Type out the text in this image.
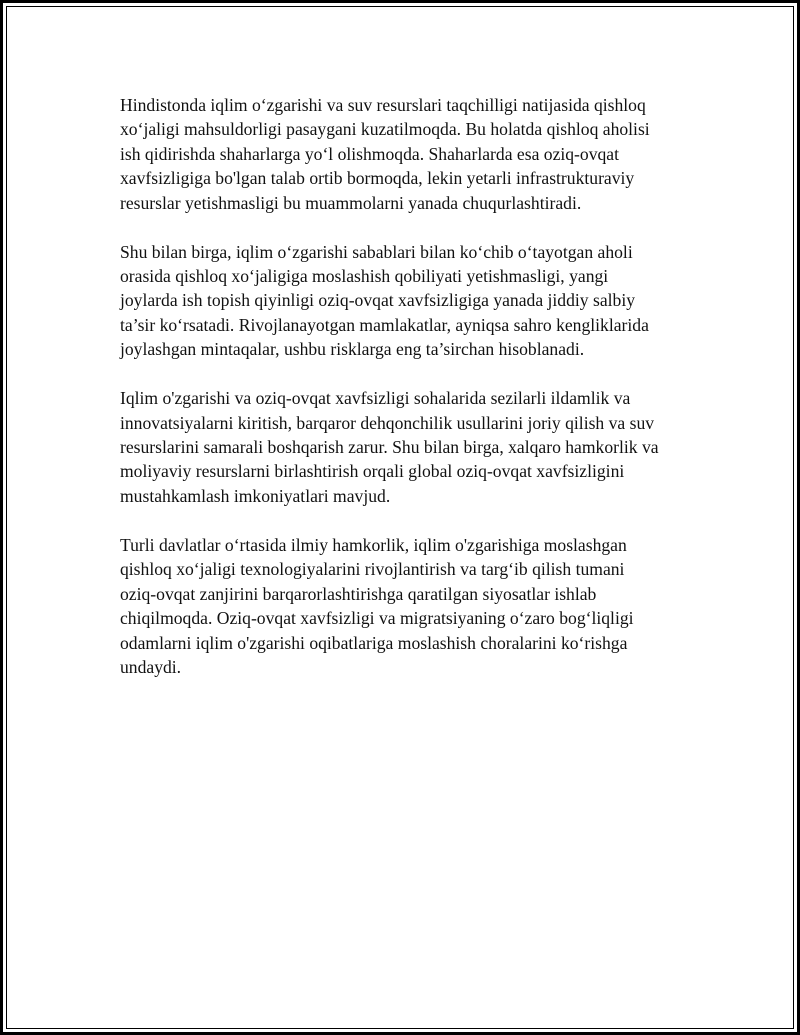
Hindistonda iqlim o‘zgarishi va suv resurslari taqchilligi natijasida qishloq
xo‘jaligi mahsuldorligi pasaygani kuzatilmoqda. Bu holatda qishloq aholisi
ish qidirishda shaharlarga yo‘l olishmoqda. Shaharlarda esa oziq-ovqat
xavfsizligiga bo'lgan talab ortib bormoqda, lekin yetarli infrastrukturaviy
resurslar yetishmasligi bu muammolarni yanada chuqurlashtiradi.

Shu bilan birga, iqlim o‘zgarishi sabablari bilan ko‘chib o‘tayotgan aholi
orasida qishloq xo‘jaligiga moslashish qobiliyati yetishmasligi, yangi
joylarda ish topish qiyinligi oziq-ovqat xavfsizligiga yanada jiddiy salbiy
ta’sir ko‘rsatadi. Rivojlanayotgan mamlakatlar, ayniqsa sahro kengliklarida
joylashgan mintaqalar, ushbu risklarga eng ta’sirchan hisoblanadi.

Iqlim o'zgarishi va oziq-ovqat xavfsizligi sohalarida sezilarli ildamlik va
innovatsiyalarni kiritish, barqaror dehqonchilik usullarini joriy qilish va suv
resurslarini samarali boshqarish zarur. Shu bilan birga, xalqaro hamkorlik va
moliyaviy resurslarni birlashtirish orqali global oziq-ovqat xavfsizligini
mustahkamlash imkoniyatlari mavjud.

Turli davlatlar o‘rtasida ilmiy hamkorlik, iqlim o'zgarishiga moslashgan
qishloq xo‘jaligi texnologiyalarini rivojlantirish va targ‘ib qilish tumani
oziq-ovqat zanjirini barqarorlashtirishga qaratilgan siyosatlar ishlab
chiqilmoqda. Oziq-ovqat xavfsizligi va migratsiyaning o‘zaro bog‘liqligi
odamlarni iqlim o'zgarishi oqibatlariga moslashish choralarini ko‘rishga
undaydi.
